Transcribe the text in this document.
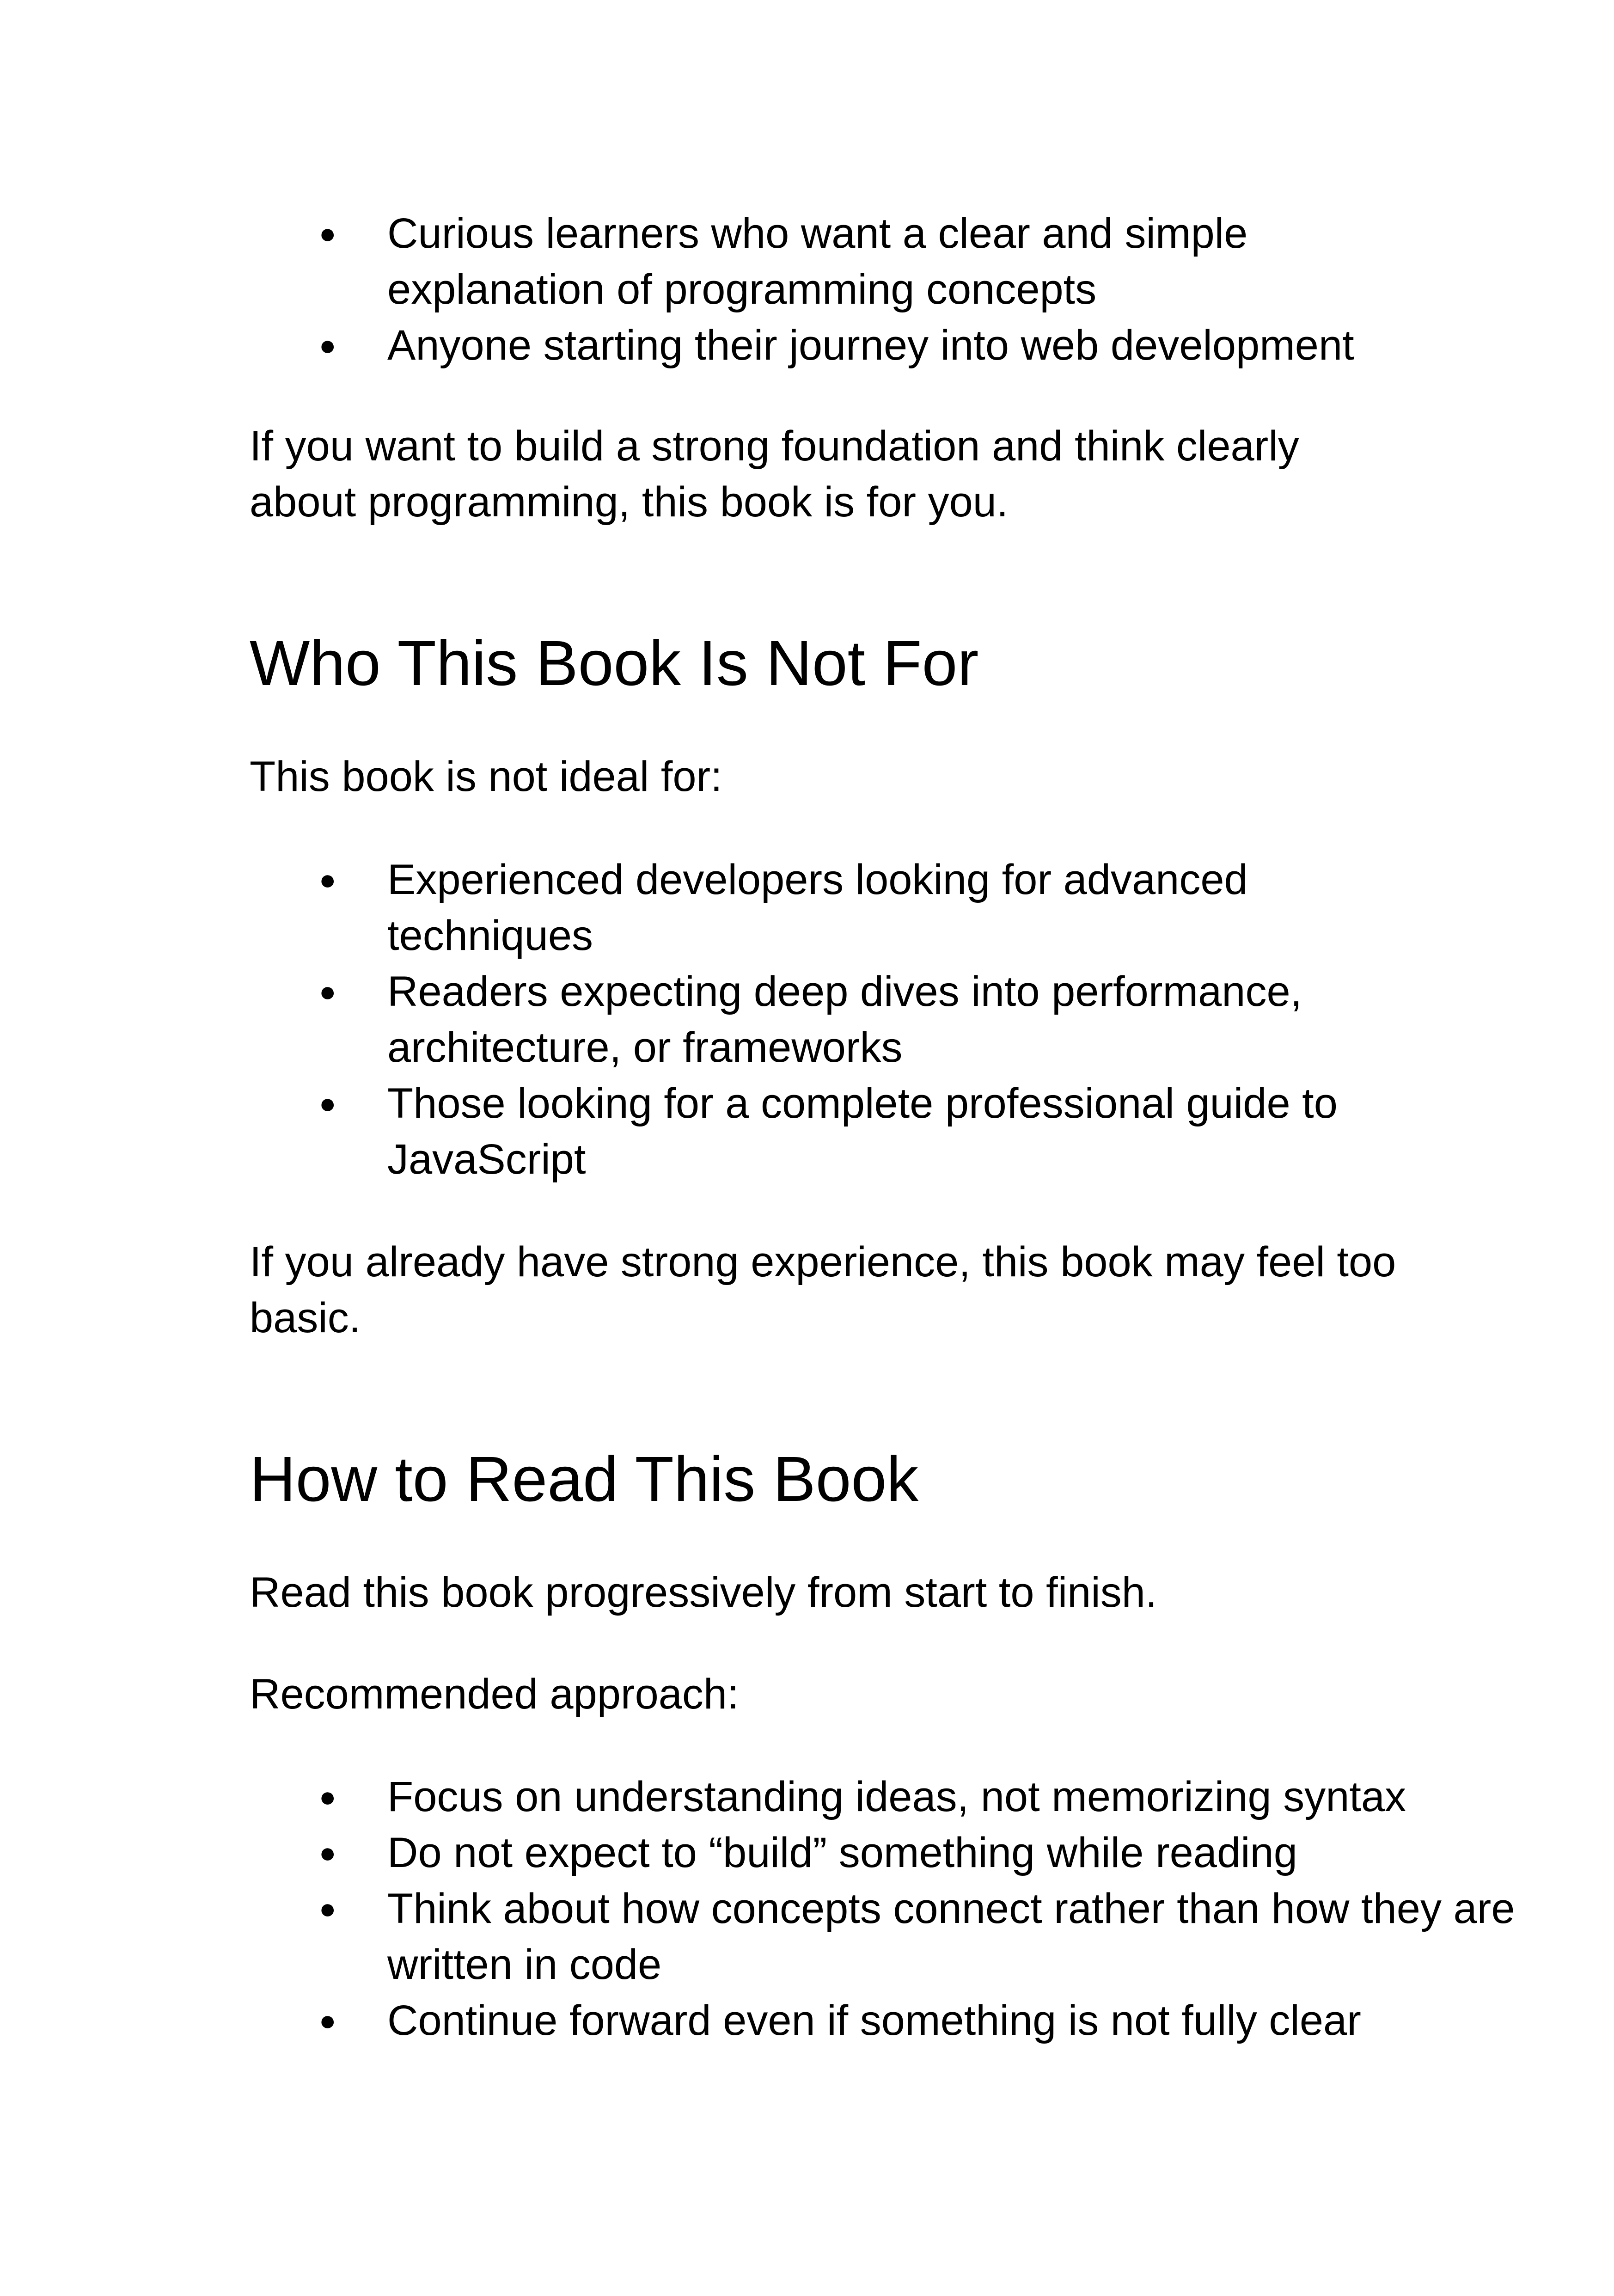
● Curious learners who want a clear and simple explanation of programming concepts
● Anyone starting their journey into web development

If you want to build a strong foundation and think clearly about programming, this book is for you.

Who This Book Is Not For

This book is not ideal for:

● Experienced developers looking for advanced techniques
● Readers expecting deep dives into performance, architecture, or frameworks
● Those looking for a complete professional guide to JavaScript

If you already have strong experience, this book may feel too basic.

How to Read This Book

Read this book progressively from start to finish.

Recommended approach:

● Focus on understanding ideas, not memorizing syntax
● Do not expect to “build” something while reading
● Think about how concepts connect rather than how they are written in code
● Continue forward even if something is not fully clear
